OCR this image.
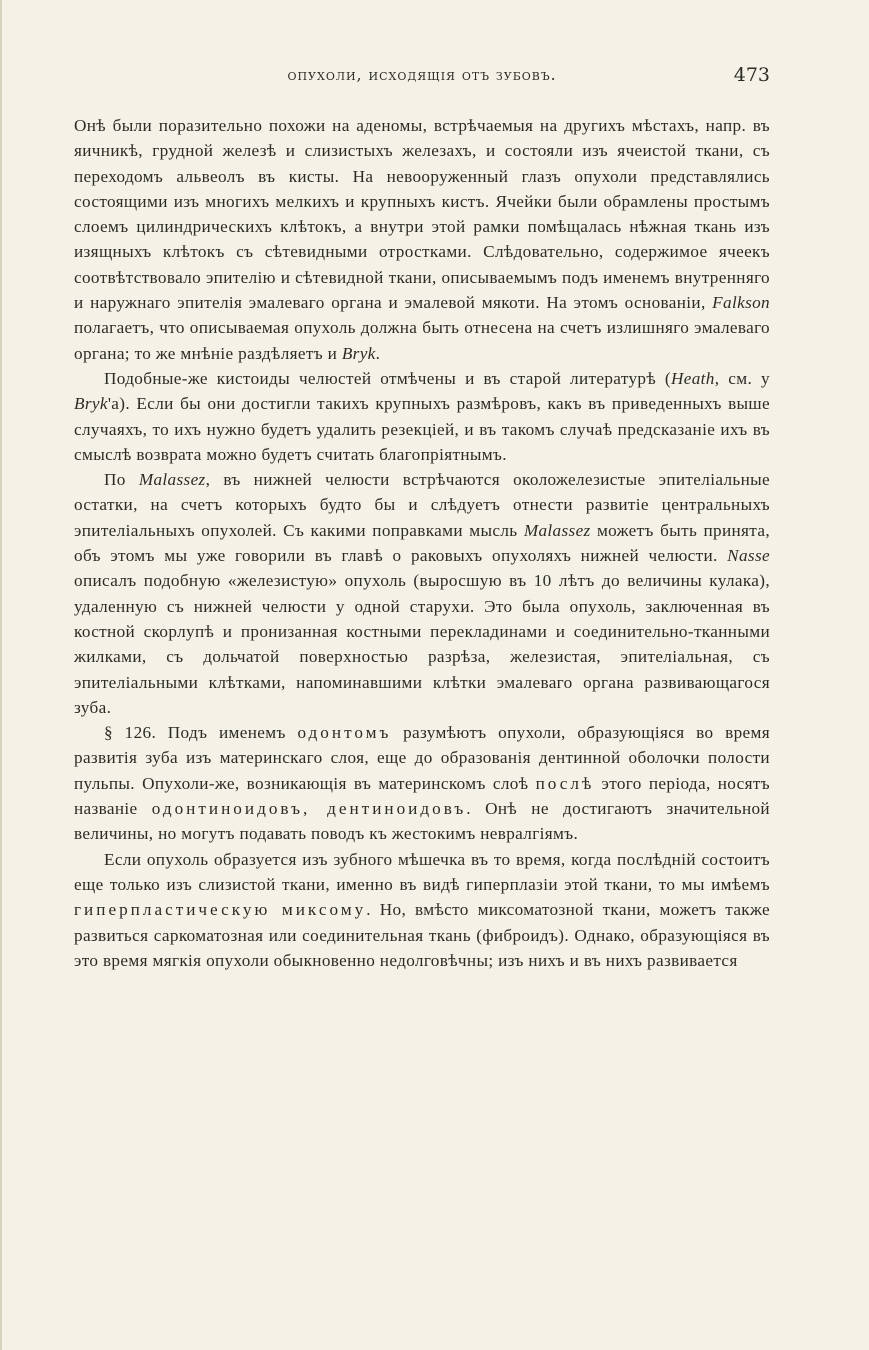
опухоли, исходящія отъ зубовъ.	473

Онѣ были поразительно похожи на аденомы, встрѣчаемыя на другихъ мѣстахъ, напр. въ яичникѣ, грудной железѣ и слизистыхъ железахъ, и состояли изъ ячеистой ткани, съ переходомъ альвеолъ въ кисты. На невооруженный глазъ опухоли представлялись состоящими изъ многихъ мелкихъ и крупныхъ кистъ. Ячейки были обрамлены простымъ слоемъ цилиндрическихъ клѣтокъ, а внутри этой рамки помѣщалась нѣжная ткань изъ изящныхъ клѣтокъ съ сѣтевидными отростками. Слѣдовательно, содержимое ячеекъ соотвѣтствовало эпителію и сѣтевидной ткани, описываемымъ подъ именемъ внутренняго и наружнаго эпителія эмалеваго органа и эмалевой мякоти. На этомъ основаніи, Falkson полагаетъ, что описываемая опухоль должна быть отнесена на счетъ излишняго эмалеваго органа; то же мнѣніе раздѣляетъ и Bryk.

Подобные-же кистоиды челюстей отмѣчены и въ старой литературѣ (Heath, см. у Bryk'а). Если бы они достигли такихъ крупныхъ размѣровъ, какъ въ приведенныхъ выше случаяхъ, то ихъ нужно будетъ удалить резекціей, и въ такомъ случаѣ предсказаніе ихъ въ смыслѣ возврата можно будетъ считать благопріятнымъ.

По Malassez, въ нижней челюсти встрѣчаются околожелезистые эпителіальные остатки, на счетъ которыхъ будто бы и слѣдуетъ отнести развитіе центральныхъ эпителіальныхъ опухолей. Съ какими поправками мысль Malassez можетъ быть принята, объ этомъ мы уже говорили въ главѣ о раковыхъ опухоляхъ нижней челюсти. Nasse описалъ подобную «железистую» опухоль (выросшую въ 10 лѣтъ до величины кулака), удаленную съ нижней челюсти у одной старухи. Это была опухоль, заключенная въ костной скорлупѣ и пронизанная костными перекладинами и соединительно-тканными жилками, съ дольчатой поверхностью разрѣза, железистая, эпителіальная, съ эпителіальными клѣтками, напоминавшими клѣтки эмалеваго органа развивающагося зуба.

§ 126. Подъ именемъ одонтомъ разумѣютъ опухоли, образующіяся во время развитія зуба изъ материнскаго слоя, еще до образованія дентинной оболочки полости пульпы. Опухоли-же, возникающія въ материнскомъ слоѣ послѣ этого періода, носятъ названіе одонтиноидовъ, дентиноидовъ. Онѣ не достигаютъ значительной величины, но могутъ подавать поводъ къ жестокимъ невралгіямъ.

Если опухоль образуется изъ зубного мѣшечка въ то время, когда послѣдній состоитъ еще только изъ слизистой ткани, именно въ видѣ гиперплазіи этой ткани, то мы имѣемъ гиперпластическую миксому. Но, вмѣсто миксоматозной ткани, можетъ также развиться саркоматозная или соединительная ткань (фиброидъ). Однако, образующіяся въ это время мягкія опухоли обыкновенно недолговѣчны; изъ нихъ и въ нихъ развивается
